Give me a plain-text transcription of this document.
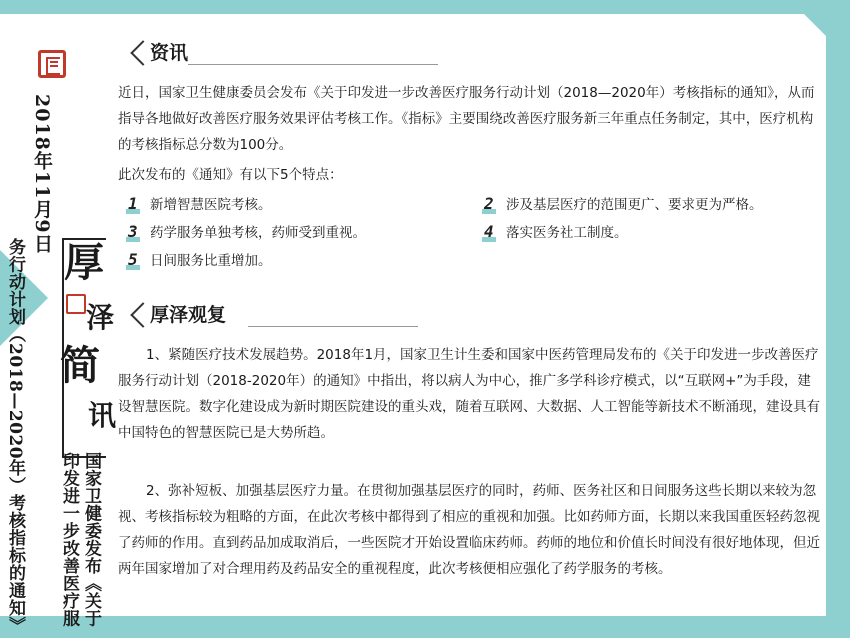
2018年11月9日
务行动计划（2018—2020年）考核指标的通知》 厚
泽
简
讯
国家卫健委发布《关于印发进一步改善医疗服
资讯
近日，国家卫生健康委员会发布《关于印发进一步改善医疗服务行动计划（2018—2020年）考核指标的通知》，从而指导各地做好改善医疗服务效果评估考核工作。《指标》主要围绕改善医疗服务新三年重点任务制定，其中，医疗机构的考核指标总分数为100分。
此次发布的《通知》有以下5个特点：
1 新增智慧医院考核。	2 涉及基层医疗的范围更广、要求更为严格。
3 药学服务单独考核，药师受到重视。	4 落实医务社工制度。
5 日间服务比重增加。
厚泽观复
1、紧随医疗技术发展趋势。2018年1月，国家卫生计生委和国家中医药管理局发布的《关于印发进一步改善医疗服务行动计划（2018-2020年）的通知》中指出，将以病人为中心，推广多学科诊疗模式，以“互联网+”为手段，建设智慧医院。数字化建设成为新时期医院建设的重头戏，随着互联网、大数据、人工智能等新技术不断涌现，建设具有中国特色的智慧医院已是大势所趋。
2、弥补短板、加强基层医疗力量。在贯彻加强基层医疗的同时，药师、医务社区和日间服务这些长期以来较为忽视、考核指标较为粗略的方面，在此次考核中都得到了相应的重视和加强。比如药师方面，长期以来我国重医轻药忽视了药师的作用。直到药品加成取消后，一些医院才开始设置临床药师。药师的地位和价值长时间没有很好地体现，但近两年国家增加了对合理用药及药品安全的重视程度，此次考核便相应强化了药学服务的考核。
